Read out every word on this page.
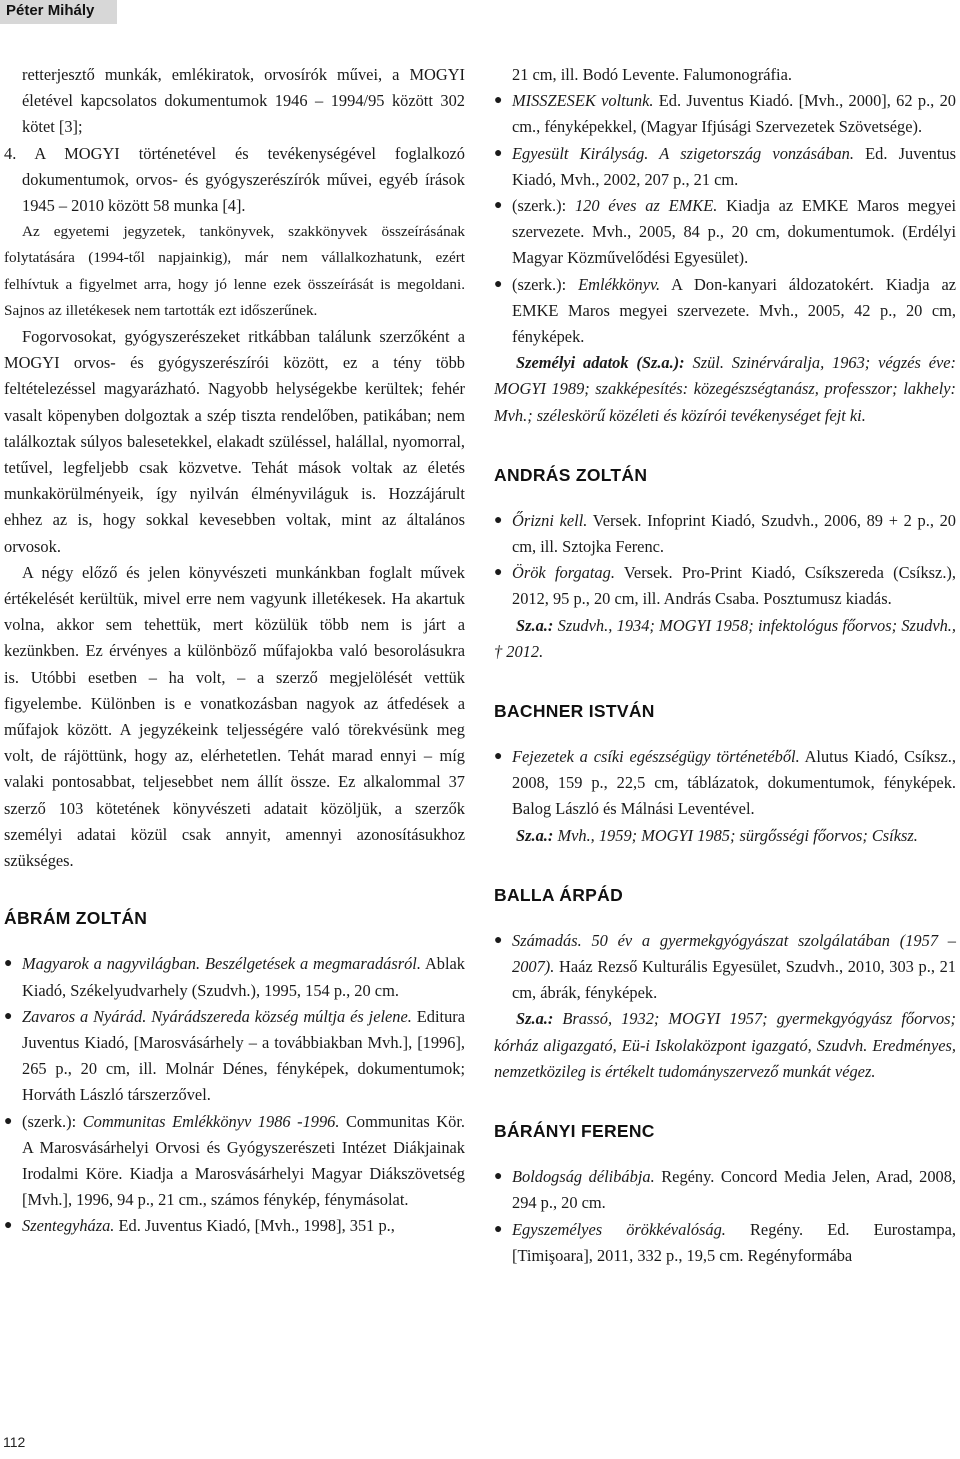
Péter Mihály

retterjesztő munkák, emlékiratok, orvosírók művei, a MOGYI életével kapcsolatos dokumentumok 1946 – 1994/95 között 302 kötet [3];

4. A MOGYI történetével és tevékenységével foglalkozó dokumentumok, orvos- és gyógyszerészírók művei, egyéb írások 1945 – 2010 között 58 munka [4].

Az egyetemi jegyzetek, tankönyvek, szakkönyvek összeírásának folytatására (1994-től napjainkig), már nem vállalkozhatunk, ezért felhívtuk a figyelmet arra, hogy jó lenne ezek összeírását is megoldani. Sajnos az illetékesek nem tartották ezt időszerűnek.

Fogorvosokat, gyógyszerészeket ritkábban találunk szerzőként a MOGYI orvos- és gyógyszerészírói között, ez a tény több feltételezéssel magyarázható. Nagyobb helységekbe kerültek; fehér vasalt köpenyben dolgoztak a szép tiszta rendelőben, patikában; nem találkoztak súlyos balesetekkel, elakadt szüléssel, halállal, nyomorral, tetűvel, legfeljebb csak közvetve. Tehát mások voltak az életés munkakörülményeik, így nyilván élményviláguk is. Hozzájárult ehhez az is, hogy sokkal kevesebben voltak, mint az általános orvosok.

A négy előző és jelen könyvészeti munkánkban foglalt művek értékelését kerültük, mivel erre nem vagyunk illetékesek. Ha akartuk volna, akkor sem tehettük, mert közülük több nem is járt a kezünkben. Ez érvényes a különböző műfajokba való besorolásukra is. Utóbbi esetben – ha volt, – a szerző megjelölését vettük figyelembe. Különben is e vonatkozásban nagyok az átfedések a műfajok között. A jegyzékeink teljességére való törekvésünk meg volt, de rájöttünk, hogy az, elérhetetlen. Tehát marad ennyi – míg valaki pontosabbat, teljesebbet nem állít össze. Ez alkalommal 37 szerző 103 kötetének könyvészeti adatait közöljük, a szerzők személyi adatai közül csak annyit, amennyi azonosításukhoz szükséges.

ÁBRÁM ZOLTÁN

● Magyarok a nagyvilágban. Beszélgetések a megmaradásról. Ablak Kiadó, Székelyudvarhely (Szudvh.), 1995, 154 p., 20 cm.
● Zavaros a Nyárád. Nyárádszereda község múltja és jelene. Editura Juventus Kiadó, [Marosvásárhely – a továbbiakban Mvh.], [1996], 265 p., 20 cm, ill. Molnár Dénes, fényképek, dokumentumok; Horváth László társzerzővel.
● (szerk.): Communitas Emlékkönyv 1986 -1996. Communitas Kör. A Marosvásárhelyi Orvosi és Gyógyszerészeti Intézet Diákjainak Irodalmi Köre. Kiadja a Marosvásárhelyi Magyar Diákszövetség [Mvh.], 1996, 94 p., 21 cm., számos fénykép, fénymásolat.
● Szentegyháza. Ed. Juventus Kiadó, [Mvh., 1998], 351 p.,

21 cm, ill. Bodó Levente. Falumonográfia.

● MISSZESEK voltunk. Ed. Juventus Kiadó. [Mvh., 2000], 62 p., 20 cm., fényképekkel, (Magyar Ifjúsági Szervezetek Szövetsége).
● Egyesült Királyság. A szigetország vonzásában. Ed. Juventus Kiadó, Mvh., 2002, 207 p., 21 cm.
● (szerk.): 120 éves az EMKE. Kiadja az EMKE Maros megyei szervezete. Mvh., 2005, 84 p., 20 cm, dokumentumok. (Erdélyi Magyar Közművelődési Egyesület).
● (szerk.): Emlékkönyv. A Don-kanyari áldozatokért. Kiadja az EMKE Maros megyei szervezete. Mvh., 2005, 42 p., 20 cm, fényképek.

Személyi adatok (Sz.a.): Szül. Szinérváralja, 1963; végzés éve: MOGYI 1989; szakképesítés: közegészségtanász, professzor; lakhely: Mvh.; széleskörű közéleti és közírói tevékenységet fejt ki.

ANDRÁS ZOLTÁN

● Őrizni kell. Versek. Infoprint Kiadó, Szudvh., 2006, 89 + 2 p., 20 cm, ill. Sztojka Ferenc.
● Örök forgatag. Versek. Pro-Print Kiadó, Csíkszereda (Csíksz.), 2012, 95 p., 20 cm, ill. András Csaba. Posztumusz kiadás.

Sz.a.: Szudvh., 1934; MOGYI 1958; infektológus főorvos; Szudvh., † 2012.

BACHNER ISTVÁN

● Fejezetek a csíki egészségügy történetéből. Alutus Kiadó, Csíksz., 2008, 159 p., 22,5 cm, táblázatok, dokumentumok, fényképek. Balog László és Málnási Leventével.

Sz.a.: Mvh., 1959; MOGYI 1985; sürgősségi főorvos; Csíksz.

BALLA ÁRPÁD

● Számadás. 50 év a gyermekgyógyászat szolgálatában (1957 – 2007). Haáz Rezső Kulturális Egyesület, Szudvh., 2010, 303 p., 21 cm, ábrák, fényképek.

Sz.a.: Brassó, 1932; MOGYI 1957; gyermekgyógyász főorvos; kórház aligazgató, Eü-i Iskolaközpont igazgató, Szudvh. Eredményes, nemzetközileg is értékelt tudományszervező munkát végez.

BÁRÁNYI FERENC

● Boldogság délibábja. Regény. Concord Media Jelen, Arad, 2008, 294 p., 20 cm.
● Egyszemélyes örökkévalóság. Regény. Ed. Eurostampa, [Timişoara], 2011, 332 p., 19,5 cm. Regényformába
112
